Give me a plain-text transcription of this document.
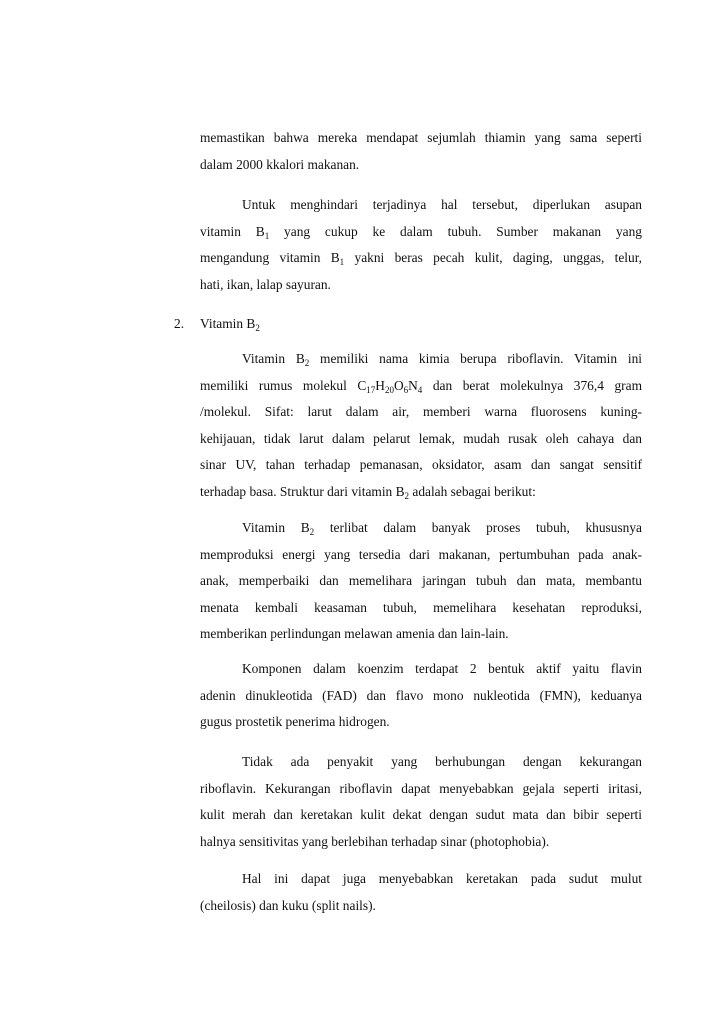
memastikan bahwa mereka mendapat sejumlah thiamin yang sama seperti
dalam 2000 kkalori makanan.
Untuk menghindari terjadinya hal tersebut, diperlukan asupan
vitamin $B_1$ yang cukup ke dalam tubuh. Sumber makanan yang
mengandung vitamin $B_1$ yakni beras pecah kulit, daging, unggas, telur,
hati, ikan, lalap sayuran.
2. Vitamin $B_2$
Vitamin $B_2$ memiliki nama kimia berupa riboflavin. Vitamin ini
memiliki rumus molekul $C_{17}H_{20}O_6N_4$ dan berat molekulnya 376,4 gram
/molekul. Sifat: larut dalam air, memberi warna fluorosens kuning-
kehijauan, tidak larut dalam pelarut lemak, mudah rusak oleh cahaya dan
sinar UV, tahan terhadap pemanasan, oksidator, asam dan sangat sensitif
terhadap basa. Struktur dari vitamin $B_2$ adalah sebagai berikut:
Vitamin $B_2$ terlibat dalam banyak proses tubuh, khususnya
memproduksi energi yang tersedia dari makanan, pertumbuhan pada anak-
anak, memperbaiki dan memelihara jaringan tubuh dan mata, membantu
menata kembali keasaman tubuh, memelihara kesehatan reproduksi,
memberikan perlindungan melawan amenia dan lain-lain.
Komponen dalam koenzim terdapat 2 bentuk aktif yaitu flavin
adenin dinukleotida (FAD) dan flavo mono nukleotida (FMN), keduanya
gugus prostetik penerima hidrogen.
Tidak ada penyakit yang berhubungan dengan kekurangan
riboflavin. Kekurangan riboflavin dapat menyebabkan gejala seperti iritasi,
kulit merah dan keretakan kulit dekat dengan sudut mata dan bibir seperti
halnya sensitivitas yang berlebihan terhadap sinar (photophobia).
Hal ini dapat juga menyebabkan keretakan pada sudut mulut
(cheilosis) dan kuku (split nails).
